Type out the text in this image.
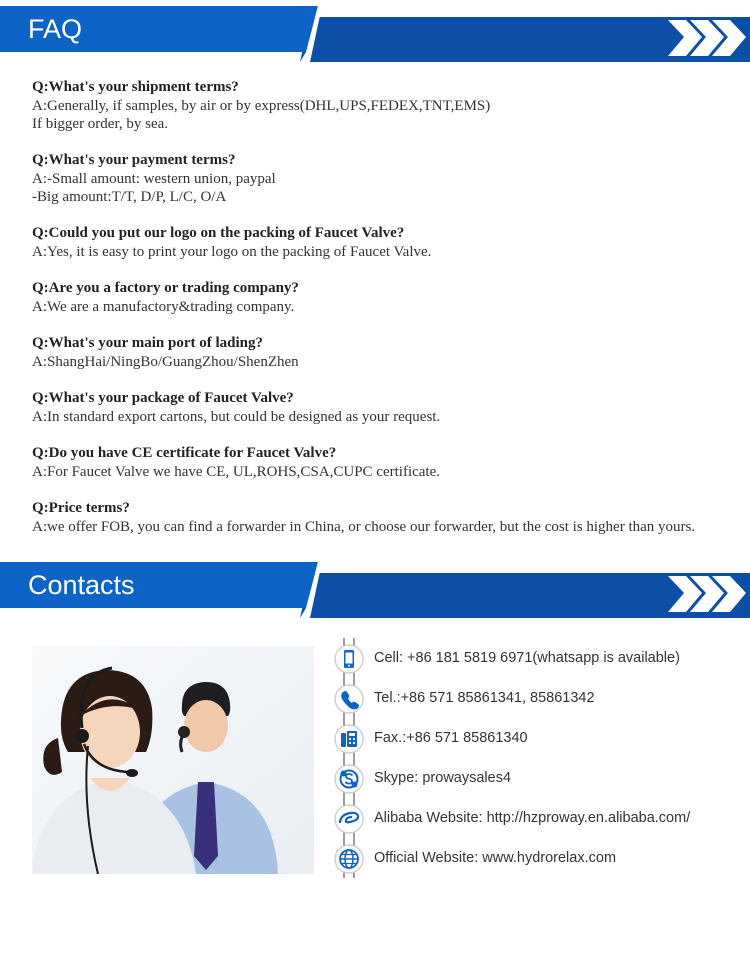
FAQ
Q:What's your shipment terms?
A:Generally, if samples, by air or by express(DHL,UPS,FEDEX,TNT,EMS)
If bigger order, by sea.
Q:What's your payment terms?
A:-Small amount: western union, paypal
-Big amount:T/T, D/P, L/C, O/A
Q:Could you put our logo on the packing of Faucet Valve?
A:Yes, it is easy to print your logo on the packing of Faucet Valve.
Q:Are you a factory or trading company?
A:We are a manufactory&trading company.
Q:What's your main port of lading?
A:ShangHai/NingBo/GuangZhou/ShenZhen
Q:What's your package of Faucet Valve?
A:In standard export cartons, but could be designed as your request.
Q:Do you have CE certificate for Faucet Valve?
A:For Faucet Valve we have CE, UL,ROHS,CSA,CUPC certificate.
Q:Price terms?
A:we offer FOB, you can find a forwarder in China, or choose our forwarder, but the cost is higher than yours.
Contacts
Cell: +86 181 5819 6971(whatsapp is available)
Tel.:+86 571 85861341, 85861342
Fax.:+86 571 85861340
Skype: prowaysales4
Alibaba Website: http://hzproway.en.alibaba.com/
Official Website: www.hydrorelax.com
